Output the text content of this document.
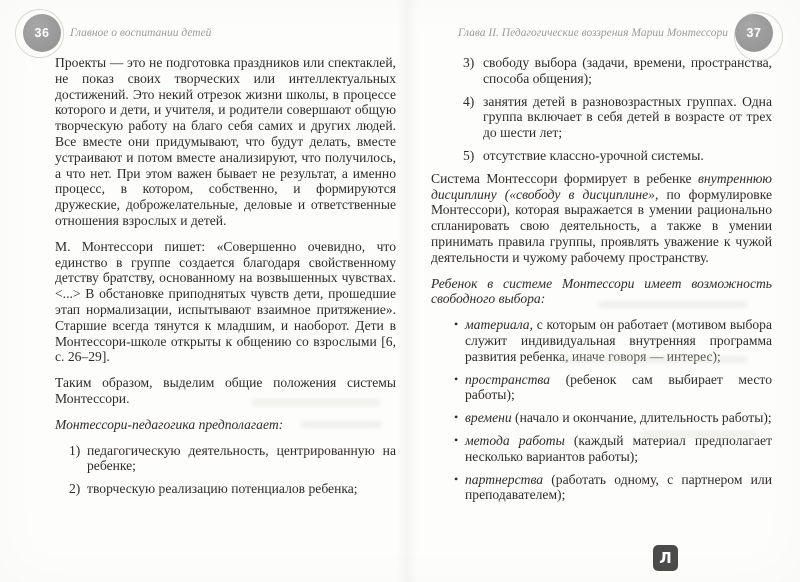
36 Главное о воспитании детей	37
Глава II. Педагогические воззрения Марии Монтессори

Проекты — это не подготовка праздников или спектаклей, не показ своих творческих или интеллектуальных достижений. Это некий отрезок жизни школы, в процессе которого и дети, и учителя, и родители совершают общую творческую работу на благо себя самих и других людей. Все вместе они придумывают, что будут делать, вместе устраивают и потом вместе анализируют, что получилось, а что нет. При этом важен бывает не результат, а именно процесс, в котором, собственно, и формируются дружеские, доброжелательные, деловые и ответственные отношения взрослых и детей.

М. Монтессори пишет: «Совершенно очевидно, что единство в группе создается благодаря свойственному детству братству, основанному на возвышенных чувствах. <...> В обстановке приподнятых чувств дети, прошедшие этап нормализации, испытывают взаимное притяжение». Старшие всегда тянутся к младшим, и наоборот. Дети в Монтессори-школе открыты к общению со взрослыми [6, с. 26–29].

Таким образом, выделим общие положения системы Монтессори.

Монтессори-педагогика предполагает:

1) педагогическую деятельность, центрированную на ребенке;
2) творческую реализацию потенциалов ребенка;
3) свободу выбора (задачи, времени, пространства, способа общения);
4) занятия детей в разновозрастных группах. Одна группа включает в себя детей в возрасте от трех до шести лет;
5) отсутствие классно-урочной системы.

Система Монтессори формирует в ребенке внутреннюю дисциплину («свободу в дисциплине», по формулировке Монтессори), которая выражается в умении рационально спланировать свою деятельность, а также в умении принимать правила группы, проявлять уважение к чужой деятельности и чужому рабочему пространству.

Ребенок в системе Монтессори имеет возможность свободного выбора:

• материала, с которым он работает (мотивом выбора служит индивидуальная внутренняя программа развития ребенка, иначе говоря — интерес);
• пространства (ребенок сам выбирает место работы);
• времени (начало и окончание, длительность работы);
• метода работы (каждый материал предполагает несколько вариантов работы);
• партнерства (работать одному, с партнером или преподавателем);
Л
